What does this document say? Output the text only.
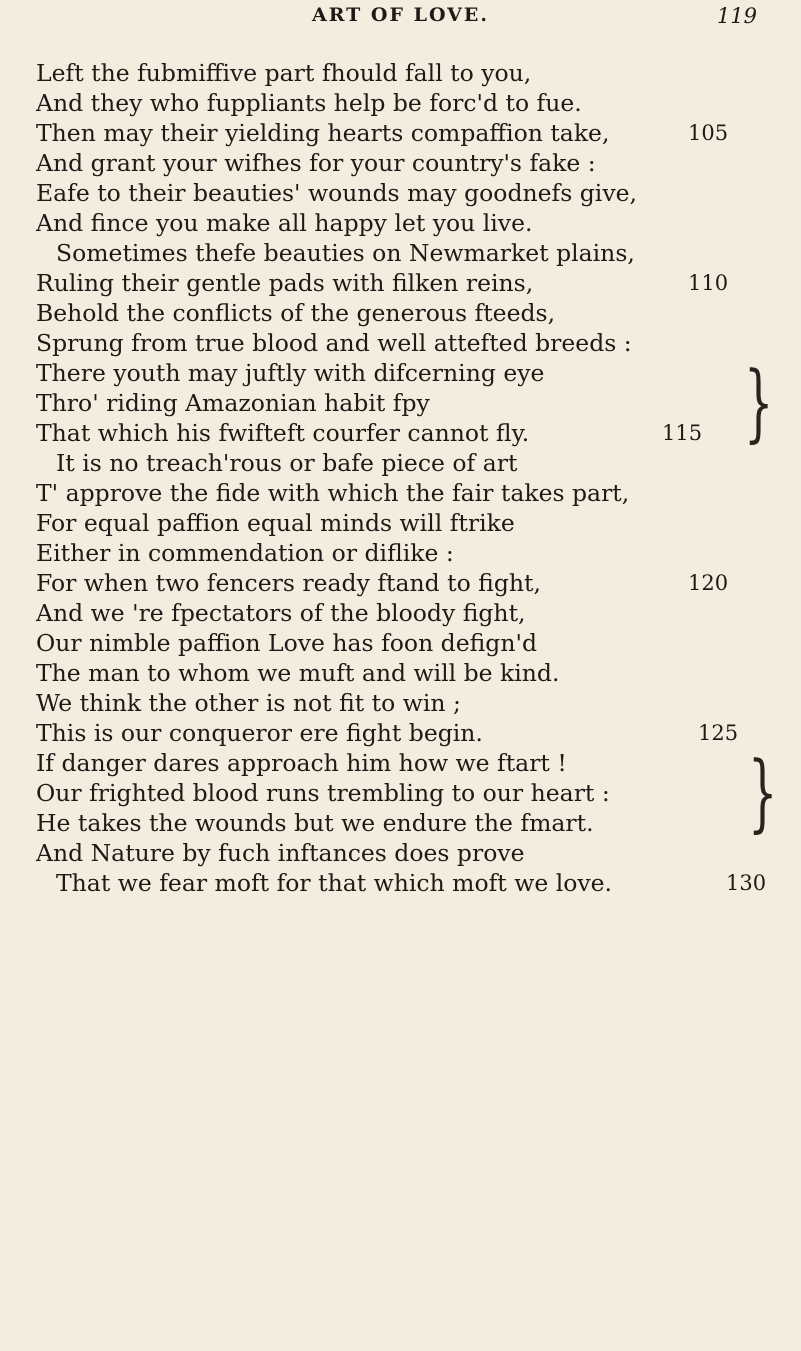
ART OF LOVE.	119
Left the fubmiffive part fhould fall to you,
And they who fuppliants help be forc'd to fue.
Then may their yielding hearts compaffion take,	105
And grant your wifhes for your country's fake :
Eafe to their beauties' wounds may goodnefs give,
And fince you make all happy let you live.
Sometimes thefe beauties on Newmarket plains,
Ruling their gentle pads with filken reins,	110
Behold the conflicts of the generous fteeds,
Sprung from true blood and well attefted breeds :
There youth may juftly with difcerning eye
Thro' riding Amazonian habit fpy
That which his fwifteft courfer cannot fly.	115
It is no treach'rous or bafe piece of art
T' approve the fide with which the fair takes part,
For equal paffion equal minds will ftrike
Either in commendation or diflike :
For when two fencers ready ftand to fight,	120
And we 're fpectators of the bloody fight,
Our nimble paffion Love has foon defign'd
The man to whom we muft and will be kind.
We think the other is not fit to win ;
This is our conqueror ere fight begin.	125
If danger dares approach him how we ftart !
Our frighted blood runs trembling to our heart :
He takes the wounds but we endure the fmart.
And Nature by fuch inftances does prove
That we fear moft for that which moft we love.	130
}
}
